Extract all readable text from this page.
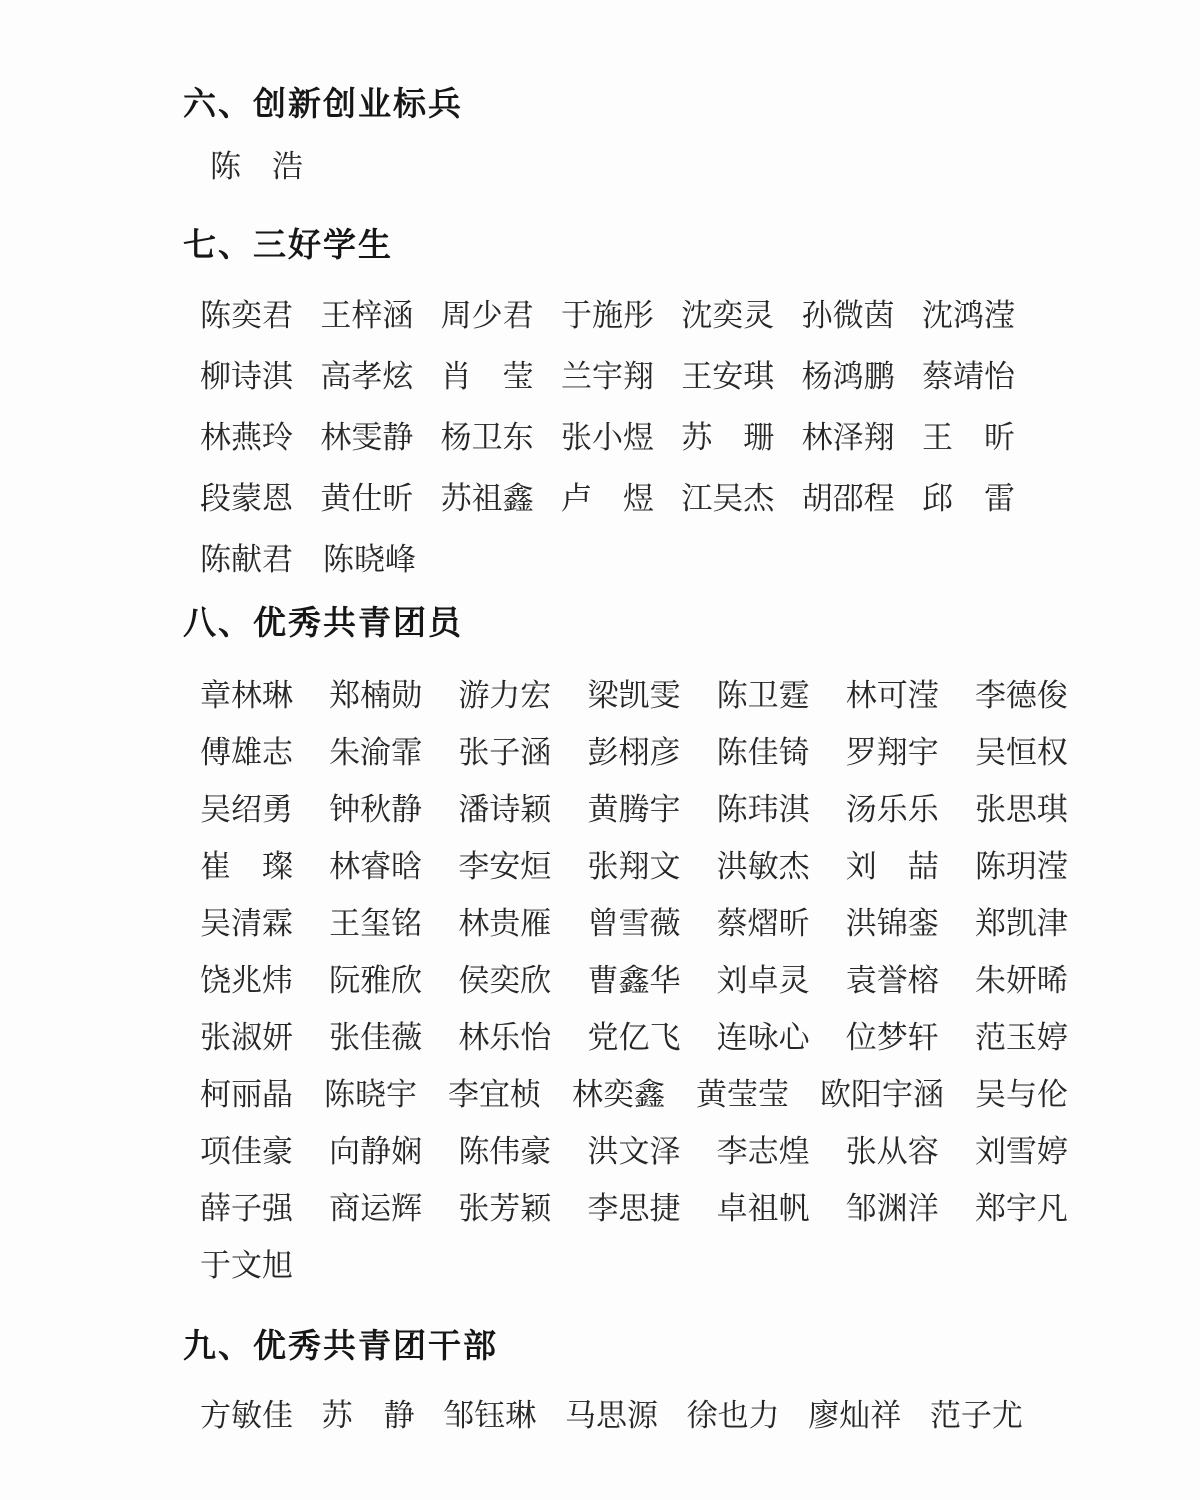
六、创新创业标兵
陈　浩
七、三好学生
陈奕君 王梓涵 周少君 于施彤 沈奕灵 孙微茵 沈鸿滢
柳诗淇 高孝炫 肖　莹 兰宇翔 王安琪 杨鸿鹏 蔡靖怡
林燕玲 林雯静 杨卫东 张小煜 苏　珊 林泽翔 王　昕
段蒙恩 黄仕昕 苏祖鑫 卢　煜 江吴杰 胡邵程 邱　雷
陈献君 陈晓峰
八、优秀共青团员
章林琳 郑楠勋 游力宏 梁凯雯 陈卫霆 林可滢 李德俊
傅雄志 朱渝霏 张子涵 彭栩彦 陈佳锜 罗翔宇 吴恒权
吴绍勇 钟秋静 潘诗颖 黄腾宇 陈玮淇 汤乐乐 张思琪
崔　璨 林睿晗 李安烜 张翔文 洪敏杰 刘　喆 陈玥滢
吴清霖 王玺铭 林贵雁 曾雪薇 蔡熠昕 洪锦銮 郑凯津
饶兆炜 阮雅欣 侯奕欣 曹鑫华 刘卓灵 袁誉榕 朱妍晞
张淑妍 张佳薇 林乐怡 党亿飞 连咏心 位梦轩 范玉婷
柯丽晶 陈晓宇 李宜桢 林奕鑫 黄莹莹 欧阳宇涵 吴与伦
项佳豪 向静娴 陈伟豪 洪文泽 李志煌 张从容 刘雪婷
薛子强 商运辉 张芳颖 李思捷 卓祖帆 邹渊洋 郑宇凡
于文旭
九、优秀共青团干部
方敏佳 苏　静 邹钰琳 马思源 徐也力 廖灿祥 范子尤
